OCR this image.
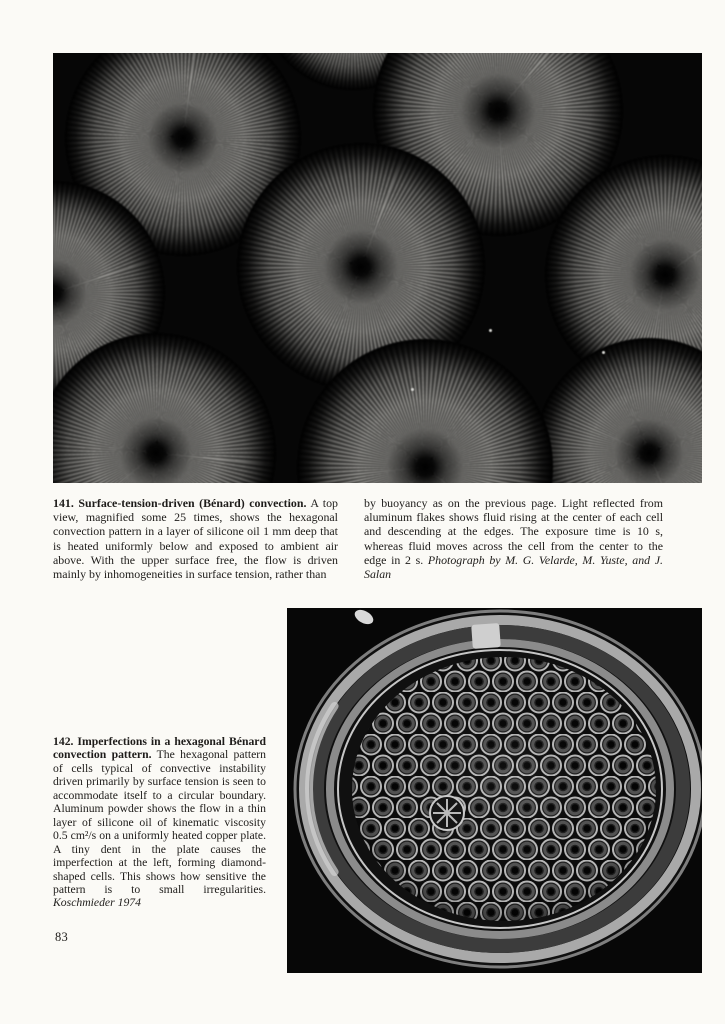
141. Surface-tension-driven (Bénard) convection. A top view, magnified some 25 times, shows the hexagonal convection pattern in a layer of silicone oil 1 mm deep that is heated uniformly below and exposed to ambient air above. With the upper surface free, the flow is driven mainly by inhomogeneities in surface tension, rather than
by buoyancy as on the previous page. Light reflected from aluminum flakes shows fluid rising at the center of each cell and descending at the edges. The exposure time is 10 s, whereas fluid moves across the cell from the center to the edge in 2 s. Photograph by M. G. Velarde, M. Yuste, and J. Salan
142. Imperfections in a hexagonal Bénard convection pattern. The hexagonal pattern of cells typical of convective instability driven primarily by surface tension is seen to accommodate itself to a circular boundary. Aluminum powder shows the flow in a thin layer of silicone oil of kinematic viscosity 0.5 cm²/s on a uniformly heated copper plate. A tiny dent in the plate causes the imperfection at the left, forming diamond-shaped cells. This shows how sensitive the pattern is to small irregularities. Koschmieder 1974
83
